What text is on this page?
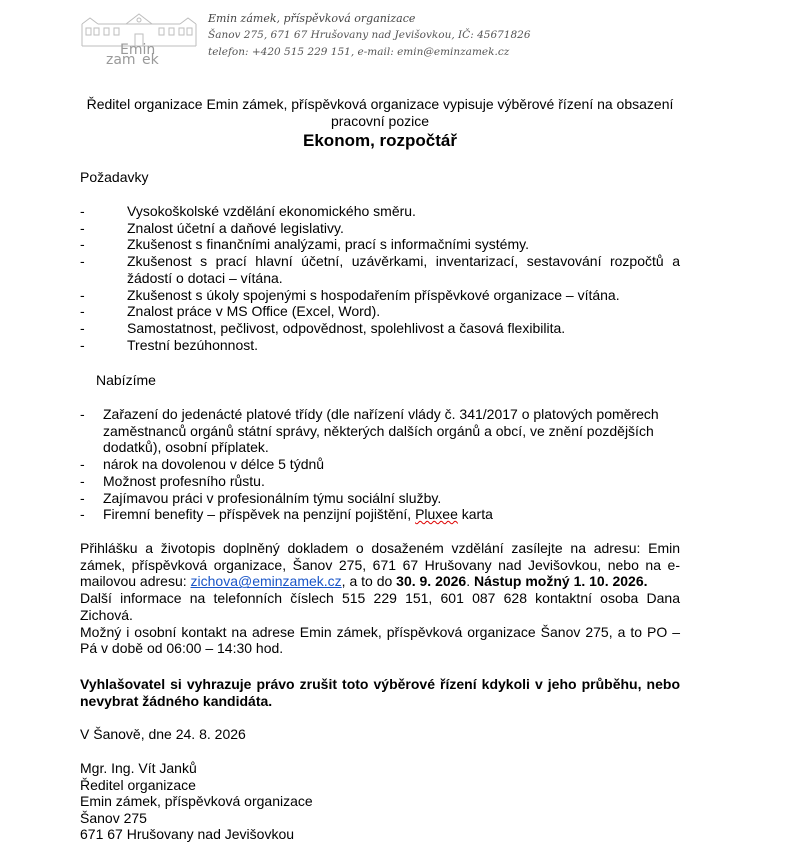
Emin
zam ek
Emin zámek, příspěvková organizace
Šanov 275, 671 67 Hrušovany nad Jevišovkou, IČ: 45671826
telefon: +420 515 229 151, e-mail: emin@eminzamek.cz
Ředitel organizace Emin zámek, příspěvková organizace vypisuje výběrové řízení na obsazení pracovní pozice
Ekonom, rozpočtář
Požadavky
-	Vysokoškolské vzdělání ekonomického směru.
-	Znalost účetní a daňové legislativy.
-	Zkušenost s finančními analýzami, prací s informačními systémy.
-	Zkušenost s prací hlavní účetní, uzávěrkami, inventarizací, sestavování rozpočtů a žádostí o dotaci – vítána.
-	Zkušenost s úkoly spojenými s hospodařením příspěvkové organizace – vítána.
-	Znalost práce v MS Office (Excel, Word).
-	Samostatnost, pečlivost, odpovědnost, spolehlivost a časová flexibilita.
-	Trestní bezúhonnost.
Nabízíme
- Zařazení do jedenácté platové třídy (dle nařízení vlády č. 341/2017 o platových poměrech zaměstnanců orgánů státní správy, některých dalších orgánů a obcí, ve znění pozdějších dodatků), osobní příplatek.
- nárok na dovolenou v délce 5 týdnů
- Možnost profesního růstu.
- Zajímavou práci v profesionálním týmu sociální služby.
- Firemní benefity – příspěvek na penzijní pojištění, Pluxee karta
Přihlášku a životopis doplněný dokladem o dosaženém vzdělání zasílejte na adresu: Emin zámek, příspěvková organizace, Šanov 275, 671 67 Hrušovany nad Jevišovkou, nebo na e-mailovou adresu: zichova@eminzamek.cz, a to do 30. 9. 2026. Nástup možný 1. 10. 2026.
Další informace na telefonních číslech 515 229 151, 601 087 628 kontaktní osoba Dana Zichová.
Možný i osobní kontakt na adrese Emin zámek, příspěvková organizace Šanov 275, a to PO – Pá v době od 06:00 – 14:30 hod.
Vyhlašovatel si vyhrazuje právo zrušit toto výběrové řízení kdykoli v jeho průběhu, nebo nevybrat žádného kandidáta.
V Šanově, dne 24. 8. 2026
Mgr. Ing. Vít Janků
Ředitel organizace
Emin zámek, příspěvková organizace
Šanov 275
671 67 Hrušovany nad Jevišovkou
